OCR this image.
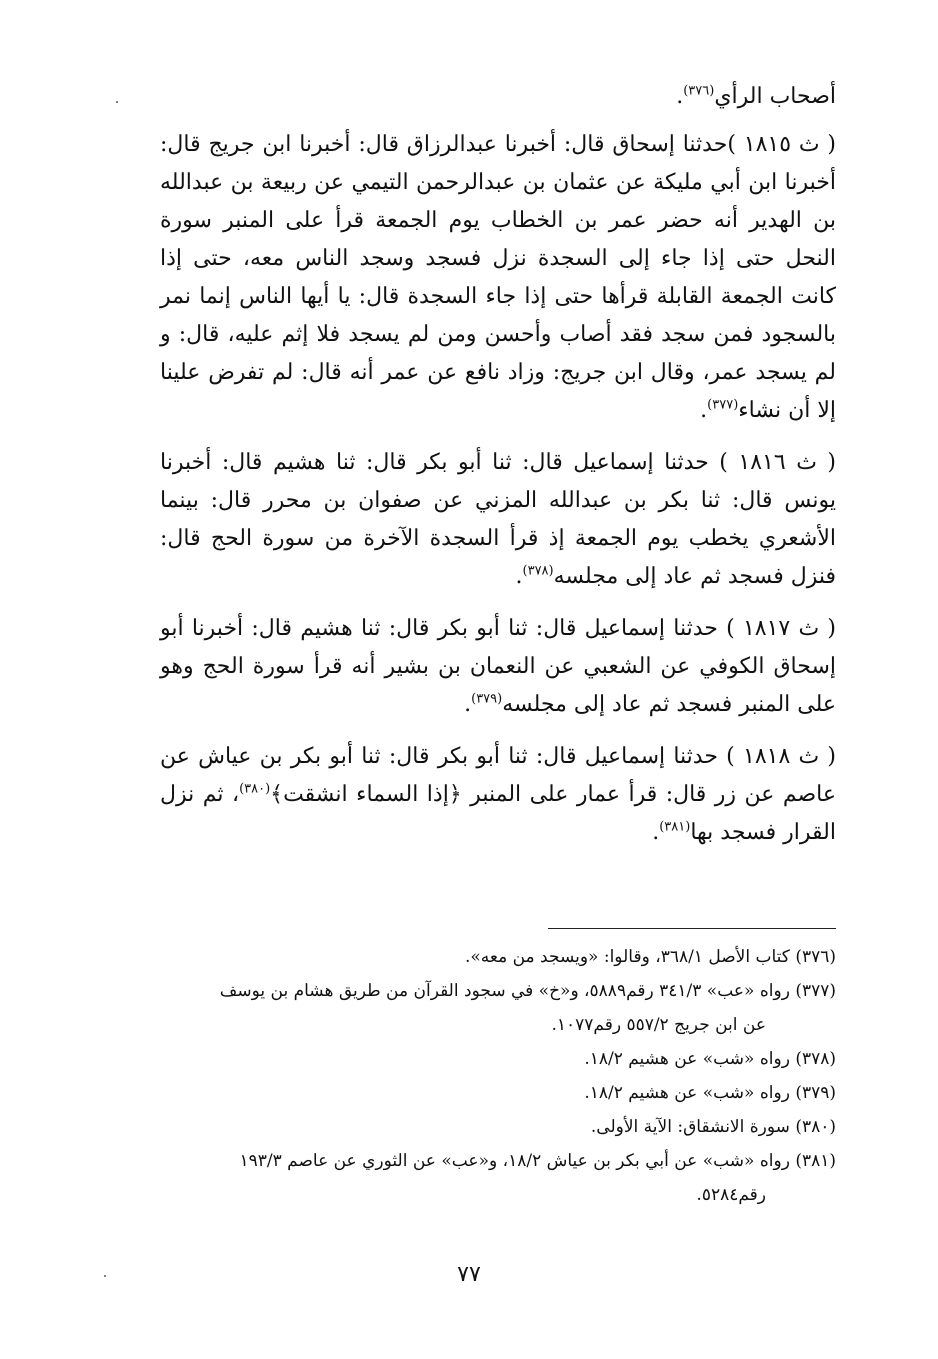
أصحاب الرأي$^{(٣٧٦)}$.

( ث ١٨١٥ )حدثنا إسحاق قال: أخبرنا عبدالرزاق قال: أخبرنا ابن جريج قال: أخبرنا ابن أبي مليكة عن عثمان بن عبدالرحمن التيمي عن ربيعة بن عبدالله بن الهدير أنه حضر عمر بن الخطاب يوم الجمعة قرأ على المنبر سورة النحل حتى إذا جاء إلى السجدة نزل فسجد وسجد الناس معه، حتى إذا كانت الجمعة القابلة قرأها حتى إذا جاء السجدة قال: يا أيها الناس إنما نمر بالسجود فمن سجد فقد أصاب وأحسن ومن لم يسجد فلا إثم عليه، قال: و لم يسجد عمر، وقال ابن جريج: وزاد نافع عن عمر أنه قال: لم تفرض علينا إلا أن نشاء$^{(٣٧٧)}$.

( ث ١٨١٦ ) حدثنا إسماعيل قال: ثنا أبو بكر قال: ثنا هشيم قال: أخبرنا يونس قال: ثنا بكر بن عبدالله المزني عن صفوان بن محرر قال: بينما الأشعري يخطب يوم الجمعة إذ قرأ السجدة الآخرة من سورة الحج قال: فنزل فسجد ثم عاد إلى مجلسه$^{(٣٧٨)}$.

( ث ١٨١٧ ) حدثنا إسماعيل قال: ثنا أبو بكر قال: ثنا هشيم قال: أخبرنا أبو إسحاق الكوفي عن الشعبي عن النعمان بن بشير أنه قرأ سورة الحج وهو على المنبر فسجد ثم عاد إلى مجلسه$^{(٣٧٩)}$.

( ث ١٨١٨ ) حدثنا إسماعيل قال: ثنا أبو بكر قال: ثنا أبو بكر بن عياش عن عاصم عن زر قال: قرأ عمار على المنبر ﴿إذا السماء انشقت﴾$^{(٣٨٠)}$، ثم نزل القرار فسجد بها$^{(٣٨١)}$.

(٣٧٦) كتاب الأصل ٣٦٨/١، وقالوا: «ويسجد من معه».

(٣٧٧) رواه «عب» ٣٤١/٣ رقم٥٨٨٩، و«خ» في سجود القرآن من طريق هشام بن يوسف

عن ابن جريج ٥٥٧/٢ رقم١٠٧٧.

(٣٧٨) رواه «شب» عن هشيم ١٨/٢.

(٣٧٩) رواه «شب» عن هشيم ١٨/٢.

(٣٨٠) سورة الانشقاق: الآية الأولى.

(٣٨١) رواه «شب» عن أبي بكر بن عياش ١٨/٢، و«عب» عن الثوري عن عاصم ١٩٣/٣

رقم٥٢٨٤.

٧٧
